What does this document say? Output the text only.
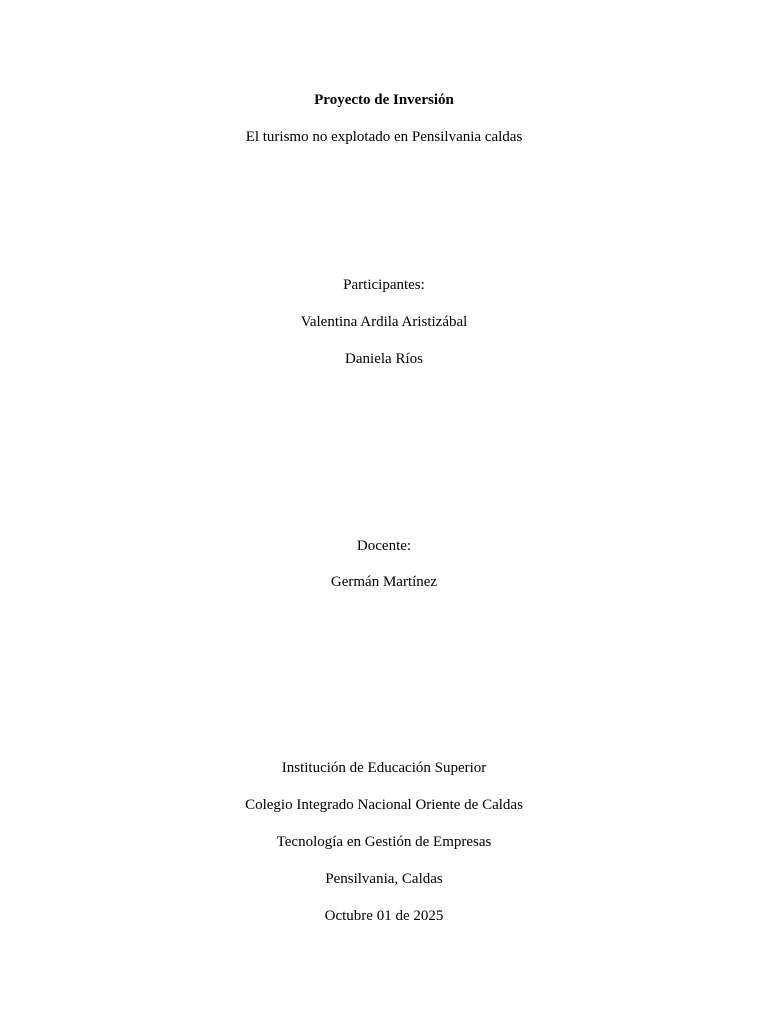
Proyecto de Inversión
El turismo no explotado en Pensilvania caldas
Participantes:
Valentina Ardila Aristizábal
Daniela Ríos
Docente:
Germán Martínez
Institución de Educación Superior
Colegio Integrado Nacional Oriente de Caldas
Tecnología en Gestión de Empresas
Pensilvania, Caldas
Octubre 01 de 2025
